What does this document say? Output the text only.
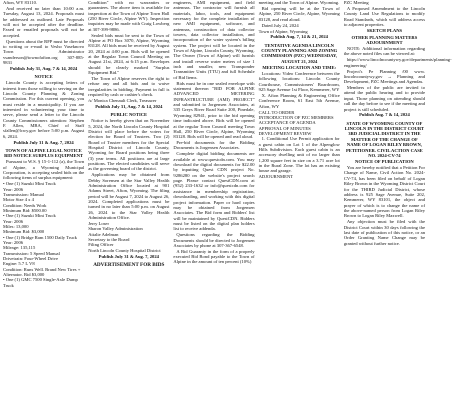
Afton, WY 83110.

And received no later than 10:00 a.m. Tuesday, August 13, 2024. Proposals must be addressed as outlined. Late Proposals will not be accepted after the deadline. Faxed or emailed proposals will not be accepted.

Questions about the RFP must be directed to writing or e-mail to Vesho Vaseknovo Town Administrator vsanderson@townofafton.org 307-885-9831

Publish July 31, Aug. 7 & 14, 2024

NOTICE

Lincoln County is accepting letters of interest from those willing to serving on the Lincoln County Planning & Zoning Commission. For this current opening, you must reside in a municipality. If you are interested in volunteering your time to serve, please send a letter to the Lincoln County Commissioners attention: Stephen F. Allen, MBA, Chief of Staff sfallen@lcwy.gov before 5:00 p.m. August 6, 2024.

Publish July 31 & Aug. 7, 2024

TOWN OF ALPINE LEGAL NOTICE BID NOTICE SURPLUS EQUIPMENT

Pursuant to W.S. § 15-1-112 (a), the Town of Alpine, a Wyoming Municipal Corporation, is accepting sealed bids on the following items of surplus equipment:

• One (1) Suzuki Mini Truck

Year: 2006

Transmission: Manual

Motor Size 4 x 4

Condition: Needs Work

Minimum Bid: $500.00

• One (1) Suzuki Mini Truck

Year: 2006

Miles: 13,000

Minimum Bid: $3,000

• One (1) Bridge Ram 1500 Daily Truck

Year: 2006

Mileage: 135,115

Transmission: 5 Speed Manual

Drivetrain: Four-Wheel Drive

Engine: 5.7 L V8

Condition: Runs Well. Brand New Tires + Alternator. Bid $3,000

• One (1) GMC 7500 Single-Axle Dump Truck

Condition" with no warranties or guarantees. The above item is available for inspection at the Town of Alpine Town Hall (250 River Circle, Alpine WY). Inspection inquiries may be made with Craig Lowberg at 307-399-9886.

Sealed bids must be sent to the Town of Alpine at PO Box 3070, Alpine, Wyoming 83128. All bids must be received by August 20, 2024 at 4:00 p.m. Bids will be opened at the Regular Town Council Meeting on August 21st, 2024, at 6:15 p.m. Envelopes should be clearly marked "Surplus Equipment Bid."

The Town of Alpine reserves the right to refuse any and all bids and to waive irregularities in bidding. Payment in full is required by cash or cashier's check.

/s/ Monica Chenault Clerk, Treasurer

Publish July 31, Aug. 7 & 14, 2024

PUBLIC NOTICE

Notice is hereby given that on November 5, 2024, the North Lincoln County Hospital District will place before the voters for election for Board of Trustees. Two (2) Board of Trustee members for the Special Hospital District of Lincoln County, Wyoming for Board positions being three (3) year terms. All positions are at large positions. The elected candidates will serve as the governing board of the district.

Applications may be obtained from Debby Sorensen at the Star Valley Health Administration Office located at 901 Adams Street, Afton, Wyoming. The filing period will be August 7, 2024 to August 26, 2024. Completed applications must be turned in no later than 5:00 p.m. on August 26, 2024 to the Star Valley Health Administration Office.

Jerry Loser

Sharon Valley Administration

Attalie Adelman

Secretary to the Board

Filing Officer

North Lincoln County Hospital District

Publish July 31 & Aug. 7, 2024

ADVERTISEMENT FOR BIDS

engineers, AMI equipment, and field antennas. The contractor will furnish all materials, labor, tools, and equipment necessary for the complete installation of new AMI equipment, software, and antennas, construction of data collector towers, data collector installation, and incorporation of the water system's billing system. The project will be located in the Town of Alpine, Lincoln County, Wyoming. The Owner (Town of Alpine) will furnish and install reverse water meters of size 1 inch and smaller, new Transponder Transmitter Units (TTU) and full Schedule of Bid Items.

Bids must be in one sealed envelope with statement thereon "BID FOR ALPINE ADVANCED METERING INFRASTRUCTURE (AMI) PROJECT" and submitted to Jorgensen Associates, at 335 Greys River Road Suite 200, Pinedale, Wyoming 82941, prior to the bid opening time indicated above. Bids will be opened at the regular Town Council meeting Town Hall, 250 River Circle, Alpine, Wyoming 83128. Bids will be opened and read aloud.

Pre-bid documents for the Bidding Documents is Jorgensen Associates.

Complete digital bidding documents are available at www.questcdn.com. You may download the digital documents for $22.00 by inputting Quest CDN project No. 9286280 on the website's project search page. Please contact QuestCDN.com at (952) 233-1632 or info@questcdn.com for assistance in membership registration, downloading, and working with this digital project information. Paper or hard copies may be obtained from Jorgensen Associates. The Bid form and Bidders' list will be maintained by QuestCDN. Bidders must be listed on the digital plan holders list to receive addenda.

Questions regarding the Bidding Documents should be directed to Jorgensen Associates by phone at 307-367-6548.

A Bid Guaranty in the form of a properly executed Bid Bond payable to the Town of Alpine in the amount of ten percent (10%)

meeting and the Town of Alpine. Wyoming.

Bid opening will be at the Town of Alpine, 250 River Circle, Alpine, Wyoming 83128, and read aloud.

Dated July 24, 2024

Town of Alpine, Wyoming

Publish Aug. 7, 14 & 21, 2024

TENTATIVE AGENDA LINCOLN COUNTY PLANNING AND ZONING COMMISSION (PZC) WEDNESDAY, AUGUST 21, 2024

MEETING LOCATION AND TIME:

Locations: Video Conference between the following locations: Lincoln County Courthouse, Commissioners' Boardroom, 925 Sage Avenue 1st Floor, Kemmerer, WY

X. Afton Planning & Engineering Office Conference Room, 61 East 5th Avenue, Afton, WY

CALL TO ORDER

INTRODUCTION OF PZC MEMBERS

ACCEPTANCE OF AGENDA

APPROVAL OF MINUTES

DEVELOPMENT REVIEW

1. Conditional Use Permit application for a guest cabin on Lot 1 of the Alpenglow Hills Subdivision. Each guest cabin is an accessory dwelling unit of no larger than 1,200 square feet in size on a 3.71 acre lot in the Rural Zone. The lot has an existing house and garage.

ADJOURNMENT

PZC Meeting

A Proposed Amendment to the Lincoln County Land Use Regulations to modify Road Standards, which will address access to adjacent properties.

SKETCH PLANS

OTHER PLANNING MATTERS ADJOURNMENT

NOTE: Additional information regarding the above noted files can be viewed at:

https://www.lincolncountywy.gov/departments/planning-engineering/

Project's Pe Planning /00 www. lincolncountywy.gov → Planning and Development, PZC Meetings and Agendas.

Members of the public are invited to attend the public hearing and to provide input. Those planning on attending should call the day before to see if the meeting and project is still scheduled.

Publish Aug. 7 & 14, 2024

STATE OF WYOMING COUNTY OF LINCOLN IN THE DISTRICT COURT 3RD JUDICIAL DISTRICT IN THE MATTER OF THE CHANGE OF NAME OF LOGAN RILEY BROWN, PETITIONER. CIVIL ACTION CASE NO. 2024-CV-74

NOTICE OF PUBLICATION

You are hereby notified that a Petition For Change of Name, Civil Action No. 2024-CV-74, has been filed on behalf of Logan Riley Brown in the Wyoming District Court for the THIRD Judicial District, whose address is 925 Sage Avenue, Suite 202, Kemmerer, WY 83101, the object and prayer of which is to change the name of the above-named person from Logan Riley Brown to Logan Riley Maxwell.

Any objection must be filed with the District Court within 30 days following the last date of publication of this notice, or an Order Granting Name Change may be granted without further notice.
